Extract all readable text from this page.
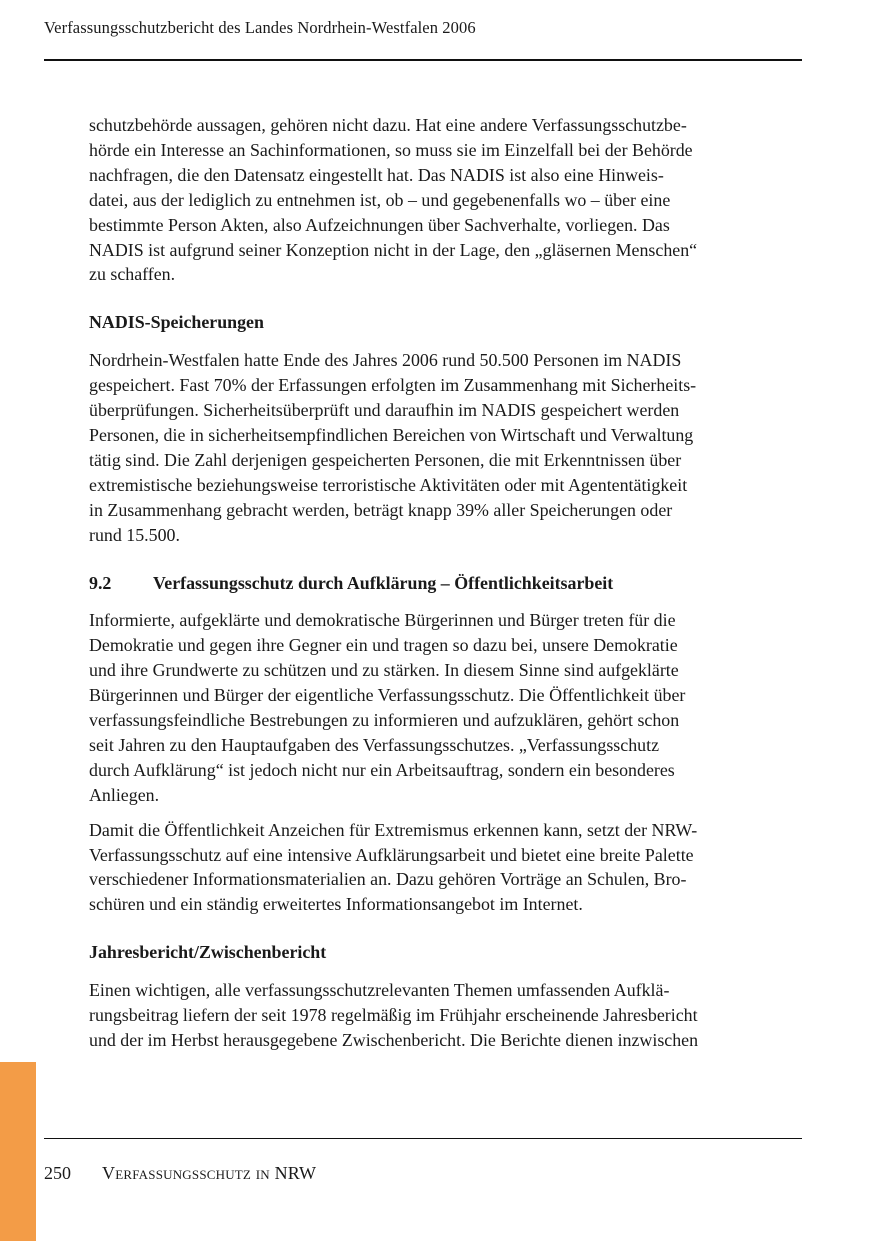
Verfassungsschutzbericht des Landes Nordrhein-Westfalen 2006

schutzbehörde aussagen, gehören nicht dazu. Hat eine andere Verfassungsschutzbe-

hörde ein Interesse an Sachinformationen, so muss sie im Einzelfall bei der Behörde

nachfragen, die den Datensatz eingestellt hat. Das NADIS ist also eine Hinweis-

datei, aus der lediglich zu entnehmen ist, ob – und gegebenenfalls wo – über eine

bestimmte Person Akten, also Aufzeichnungen über Sachverhalte, vorliegen. Das

NADIS ist aufgrund seiner Konzeption nicht in der Lage, den „gläsernen Menschen“

zu schaffen.

NADIS-Speicherungen

Nordrhein-Westfalen hatte Ende des Jahres 2006 rund 50.500 Personen im NADIS

gespeichert. Fast 70% der Erfassungen erfolgten im Zusammenhang mit Sicherheits-

überprüfungen. Sicherheitsüberprüft und daraufhin im NADIS gespeichert werden

Personen, die in sicherheitsempfindlichen Bereichen von Wirtschaft und Verwaltung

tätig sind. Die Zahl derjenigen gespeicherten Personen, die mit Erkenntnissen über

extremistische beziehungsweise terroristische Aktivitäten oder mit Agententätigkeit

in Zusammenhang gebracht werden, beträgt knapp 39% aller Speicherungen oder

rund 15.500.

9.2	Verfassungsschutz durch Aufklärung – Öffentlichkeitsarbeit

Informierte, aufgeklärte und demokratische Bürgerinnen und Bürger treten für die

Demokratie und gegen ihre Gegner ein und tragen so dazu bei, unsere Demokratie

und ihre Grundwerte zu schützen und zu stärken. In diesem Sinne sind aufgeklärte

Bürgerinnen und Bürger der eigentliche Verfassungsschutz. Die Öffentlichkeit über

verfassungsfeindliche Bestrebungen zu informieren und aufzuklären, gehört schon

seit Jahren zu den Hauptaufgaben des Verfassungsschutzes. „Verfassungsschutz

durch Aufklärung“ ist jedoch nicht nur ein Arbeitsauftrag, sondern ein besonderes

Anliegen.

Damit die Öffentlichkeit Anzeichen für Extremismus erkennen kann, setzt der NRW-

Verfassungsschutz auf eine intensive Aufklärungsarbeit und bietet eine breite Palette

verschiedener Informationsmaterialien an. Dazu gehören Vorträge an Schulen, Bro-

schüren und ein ständig erweitertes Informationsangebot im Internet.

Jahresbericht/Zwischenbericht

Einen wichtigen, alle verfassungsschutzrelevanten Themen umfassenden Aufklä-

rungsbeitrag liefern der seit 1978 regelmäßig im Frühjahr erscheinende Jahresbericht

und der im Herbst herausgegebene Zwischenbericht. Die Berichte dienen inzwischen

250	Verfassungsschutz in NRW
